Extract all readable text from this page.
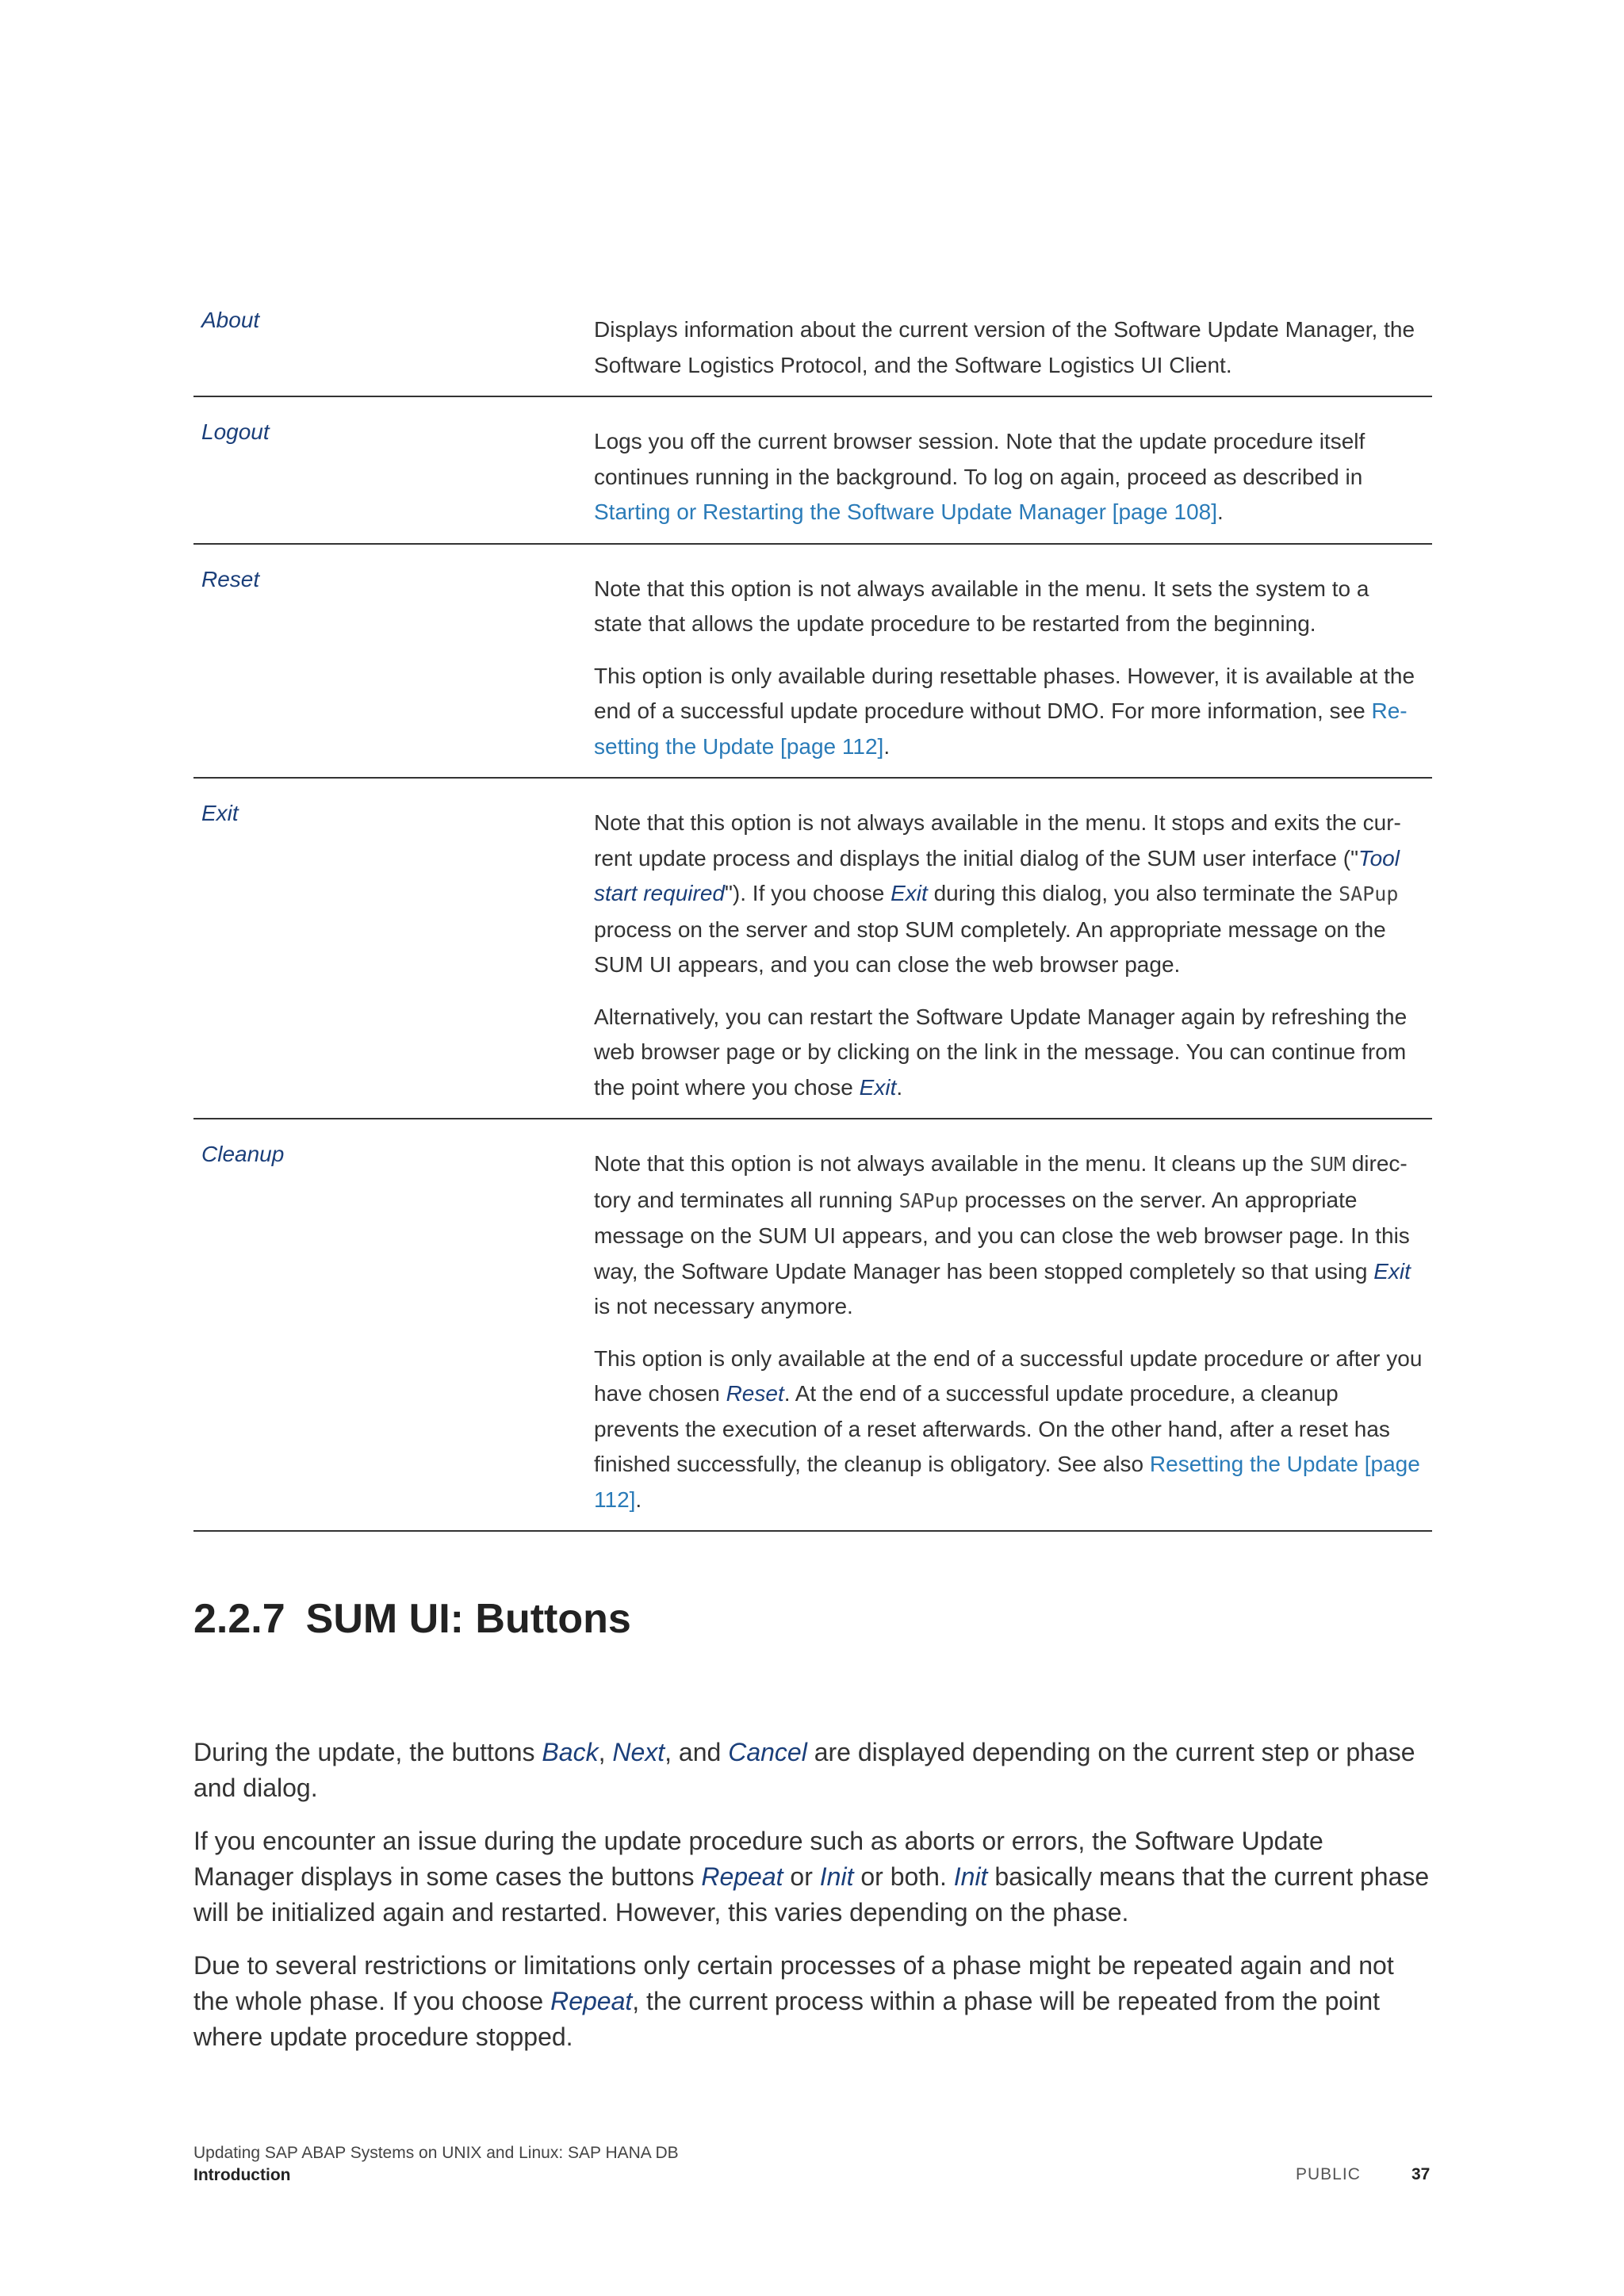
About	Displays information about the current version of the Software Update Manager, the Software Logistics Protocol, and the Software Logistics UI Client.

Logout	Logs you off the current browser session. Note that the update procedure itself continues running in the background. To log on again, proceed as described in Starting or Restarting the Software Update Manager [page 108].

Reset	Note that this option is not always available in the menu. It sets the system to a state that allows the update procedure to be restarted from the beginning.

This option is only available during resettable phases. However, it is available at the end of a successful update procedure without DMO. For more information, see Re-setting the Update [page 112].

Exit	Note that this option is not always available in the menu. It stops and exits the cur-rent update process and displays the initial dialog of the SUM user interface ("Tool start required"). If you choose Exit during this dialog, you also terminate the SAPup process on the server and stop SUM completely. An appropriate message on the SUM UI appears, and you can close the web browser page.

Alternatively, you can restart the Software Update Manager again by refreshing the web browser page or by clicking on the link in the message. You can continue from the point where you chose Exit.

Cleanup	Note that this option is not always available in the menu. It cleans up the SUM direc-tory and terminates all running SAPup processes on the server. An appropriate message on the SUM UI appears, and you can close the web browser page. In this way, the Software Update Manager has been stopped completely so that using Exit is not necessary anymore.

This option is only available at the end of a successful update procedure or after you have chosen Reset. At the end of a successful update procedure, a cleanup prevents the execution of a reset afterwards. On the other hand, after a reset has finished successfully, the cleanup is obligatory. See also Resetting the Update [page 112].

2.2.7 SUM UI: Buttons

During the update, the buttons Back, Next, and Cancel are displayed depending on the current step or phase and dialog.

If you encounter an issue during the update procedure such as aborts or errors, the Software Update Manager displays in some cases the buttons Repeat or Init or both. Init basically means that the current phase will be initialized again and restarted. However, this varies depending on the phase.

Due to several restrictions or limitations only certain processes of a phase might be repeated again and not the whole phase. If you choose Repeat, the current process within a phase will be repeated from the point where update procedure stopped.

Updating SAP ABAP Systems on UNIX and Linux: SAP HANA DB
Introduction	PUBLIC	37
